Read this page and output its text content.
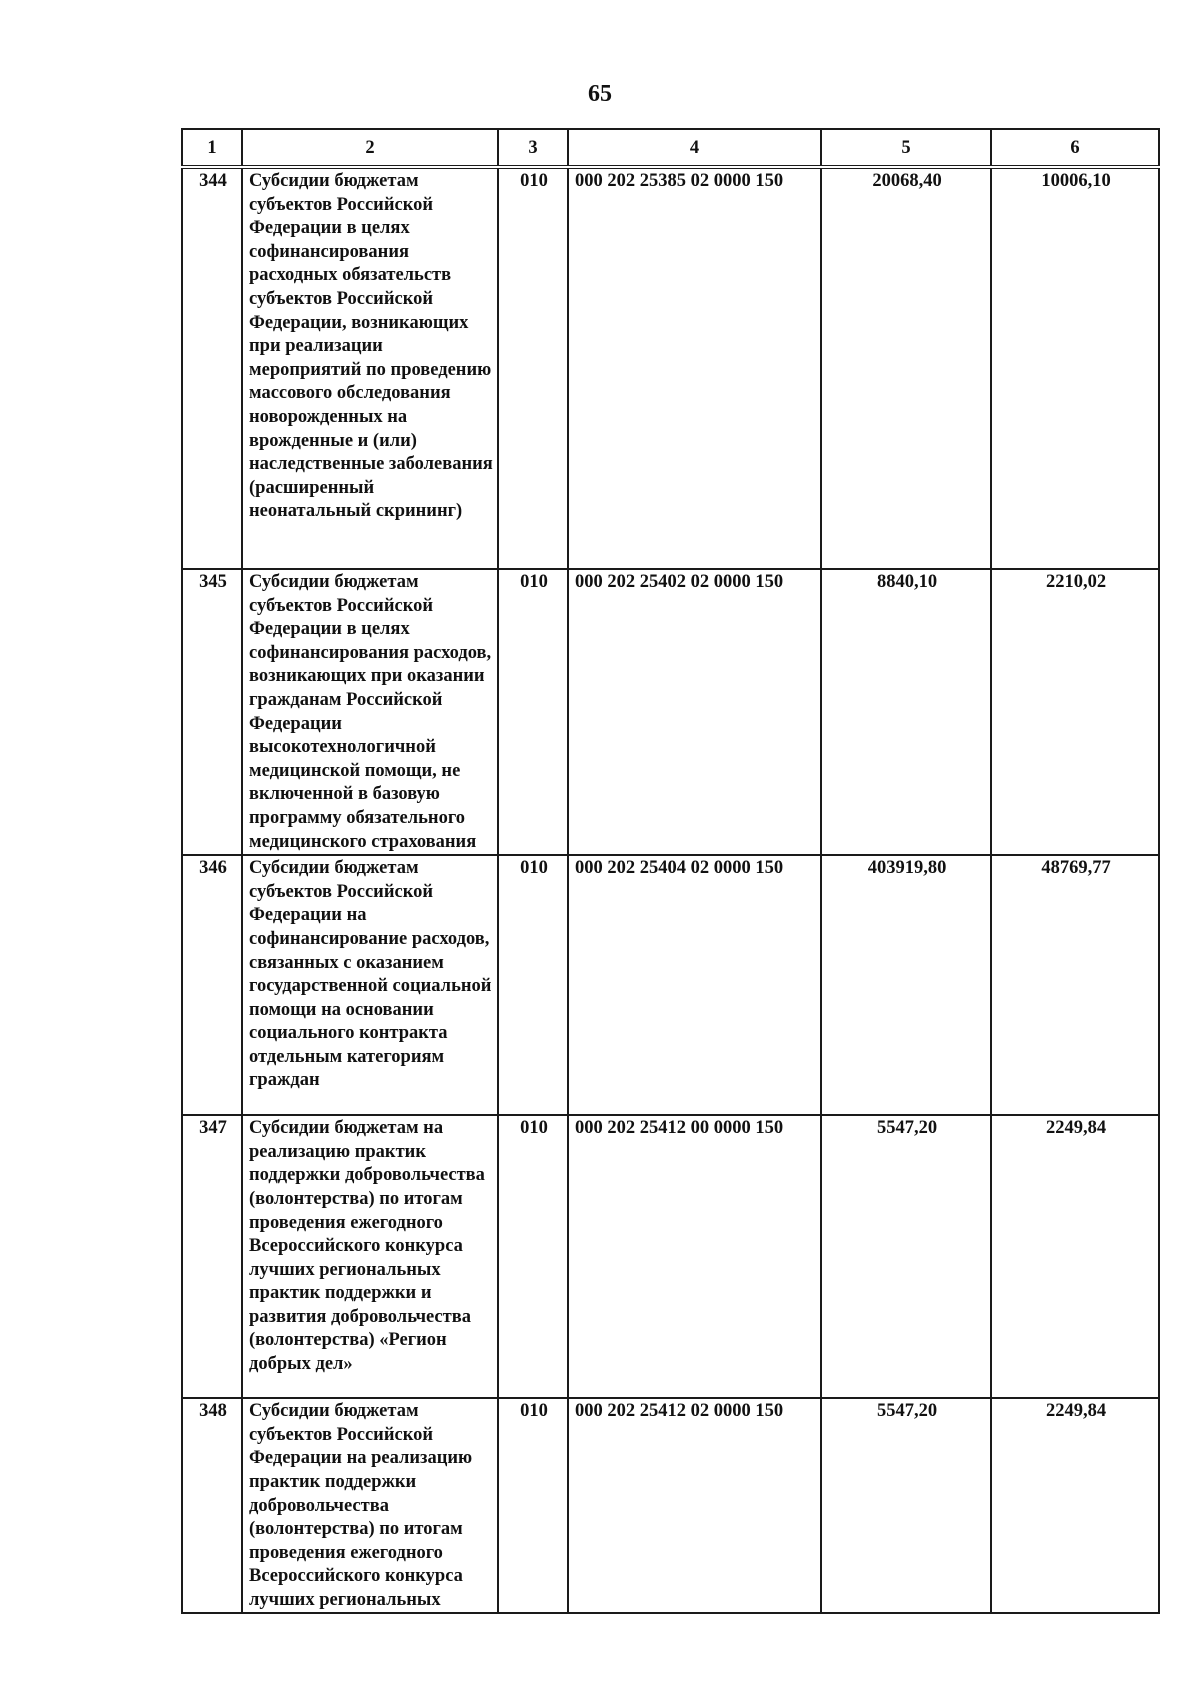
65
1	2	3	4	5	6
344	Субсидии бюджетам субъектов Российской Федерации в целях софинансирования расходных обязательств субъектов Российской Федерации, возникающих при реализации мероприятий по проведению массового обследования новорожденных на врожденные и (или) наследственные заболевания (расширенный неонатальный скрининг)	010	000 202 25385 02 0000 150	20068,40	10006,10
345	Субсидии бюджетам субъектов Российской Федерации в целях софинансирования расходов, возникающих при оказании гражданам Российской Федерации высокотехнологичной медицинской помощи, не включенной в базовую программу обязательного медицинского страхования	010	000 202 25402 02 0000 150	8840,10	2210,02
346	Субсидии бюджетам субъектов Российской Федерации на софинансирование расходов, связанных с оказанием государственной социальной помощи на основании социального контракта отдельным категориям граждан	010	000 202 25404 02 0000 150	403919,80	48769,77
347	Субсидии бюджетам на реализацию практик поддержки добровольчества (волонтерства) по итогам проведения ежегодного Всероссийского конкурса лучших региональных практик поддержки и развития добровольчества (волонтерства) «Регион добрых дел»	010	000 202 25412 00 0000 150	5547,20	2249,84
348	Субсидии бюджетам субъектов Российской Федерации на реализацию практик поддержки добровольчества (волонтерства) по итогам проведения ежегодного Всероссийского конкурса лучших региональных	010	000 202 25412 02 0000 150	5547,20	2249,84
